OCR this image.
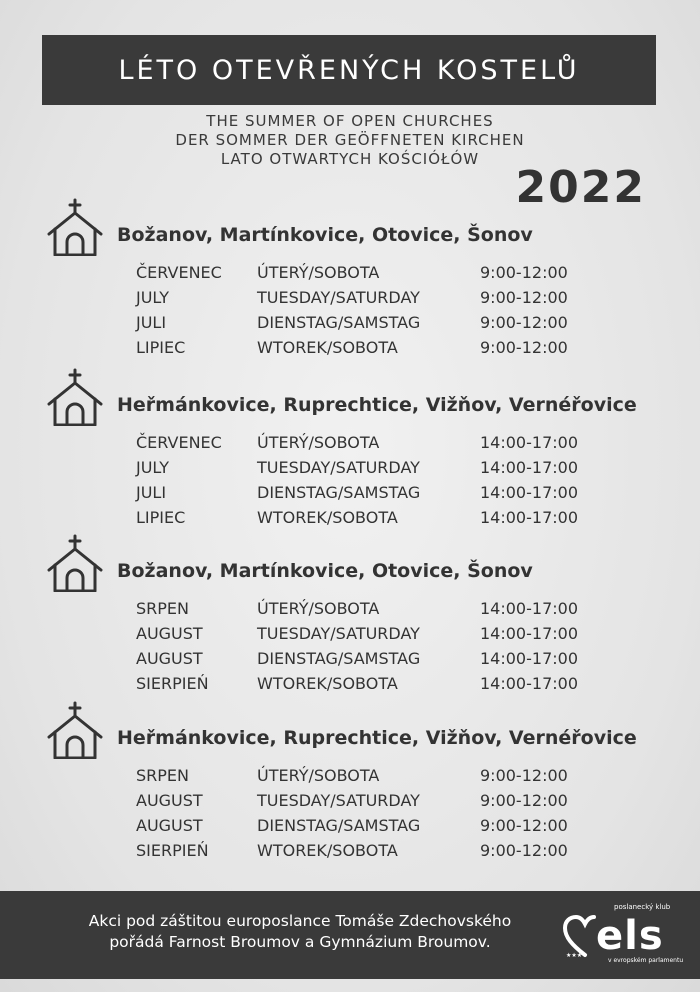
LÉTO OTEVŘENÝCH KOSTELŮ
THE SUMMER OF OPEN CHURCHES
DER SOMMER DER GEÖFFNETEN KIRCHEN
LATO OTWARTYCH KOŚCIÓŁÓW
2022
Božanov, Martínkovice, Otovice, Šonov
ČERVENEC ÚTERÝ/SOBOTA	9:00-12:00
JULY	TUESDAY/SATURDAY	9:00-12:00
JULI	DIENSTAG/SAMSTAG	9:00-12:00
LIPIEC	WTOREK/SOBOTA	9:00-12:00
Heřmánkovice, Ruprechtice, Vižňov, Vernéřovice
ČERVENEC ÚTERÝ/SOBOTA	14:00-17:00
JULY	TUESDAY/SATURDAY	14:00-17:00
JULI	DIENSTAG/SAMSTAG	14:00-17:00
LIPIEC	WTOREK/SOBOTA	14:00-17:00
Božanov, Martínkovice, Otovice, Šonov
SRPEN	ÚTERÝ/SOBOTA	14:00-17:00
AUGUST	TUESDAY/SATURDAY	14:00-17:00
AUGUST	DIENSTAG/SAMSTAG	14:00-17:00
SIERPIEŃ	WTOREK/SOBOTA	14:00-17:00
Heřmánkovice, Ruprechtice, Vižňov, Vernéřovice
SRPEN	ÚTERÝ/SOBOTA	9:00-12:00
AUGUST	TUESDAY/SATURDAY	9:00-12:00
AUGUST	DIENSTAG/SAMSTAG	9:00-12:00
SIERPIEŃ	WTOREK/SOBOTA	9:00-12:00
Akci pod záštitou europoslance Tomáše Zdechovského
pořádá Farnost Broumov a Gymnázium Broumov.
★★★
poslanecký klub
els
v evropském parlamentu
